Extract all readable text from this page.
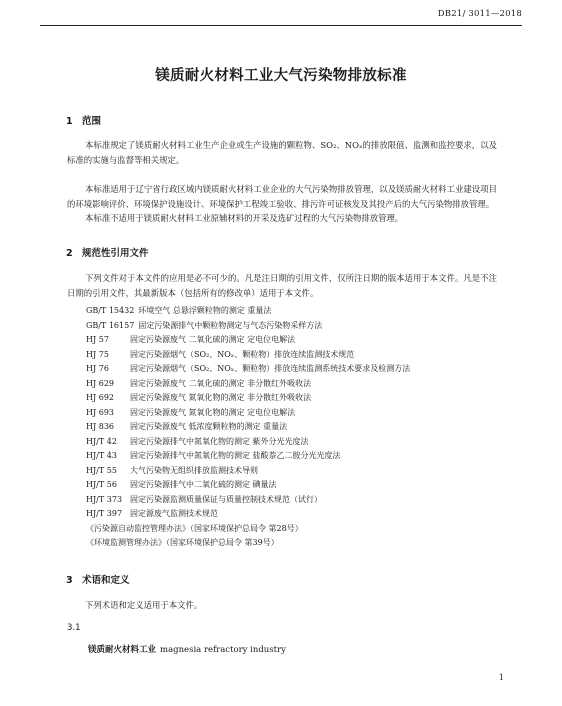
DB21/ 3011—2018
镁质耐火材料工业大气污染物排放标准
1 范围
本标准规定了镁质耐火材料工业生产企业或生产设施的颗粒物、SO₂、NOₓ的排放限值、监测和监控要求，以及标准的实施与监督等相关规定。
本标准适用于辽宁省行政区域内镁质耐火材料工业企业的大气污染物排放管理，以及镁质耐火材料工业建设项目的环境影响评价、环境保护设施设计、环境保护工程竣工验收、排污许可证核发及其投产后的大气污染物排放管理。
本标准不适用于镁质耐火材料工业原辅材料的开采及选矿过程的大气污染物排放管理。
2 规范性引用文件
下列文件对于本文件的应用是必不可少的。凡是注日期的引用文件，仅所注日期的版本适用于本文件。凡是不注日期的引用文件，其最新版本（包括所有的修改单）适用于本文件。
GB/T 15432 环境空气 总悬浮颗粒物的测定 重量法
GB/T 16157 固定污染源排气中颗粒物测定与气态污染物采样方法
HJ 57	固定污染源废气 二氧化硫的测定 定电位电解法
HJ 75	固定污染源烟气（SO₂、NOₓ、颗粒物）排放连续监测技术规范
HJ 76	固定污染源烟气（SO₂、NOₓ、颗粒物）排放连续监测系统技术要求及检测方法
HJ 629 固定污染源废气 二氧化硫的测定 非分散红外吸收法
HJ 692 固定污染源废气 氮氧化物的测定 非分散红外吸收法
HJ 693 固定污染源废气 氮氧化物的测定 定电位电解法
HJ 836 固定污染源废气 低浓度颗粒物的测定 重量法
HJ/T 42 固定污染源排气中氮氧化物的测定 紫外分光光度法
HJ/T 43 固定污染源排气中氮氧化物的测定 盐酸萘乙二胺分光光度法
HJ/T 55 大气污染物无组织排放监测技术导则
HJ/T 56 固定污染源排气中二氧化硫的测定 碘量法
HJ/T 373 固定污染源监测质量保证与质量控制技术规范（试行）
HJ/T 397 固定源废气监测技术规范
《污染源自动监控管理办法》（国家环境保护总局令 第28号）
《环境监测管理办法》（国家环境保护总局令 第39号）
3 术语和定义
下列术语和定义适用于本文件。
3.1
镁质耐火材料工业 magnesia refractory industry
1
